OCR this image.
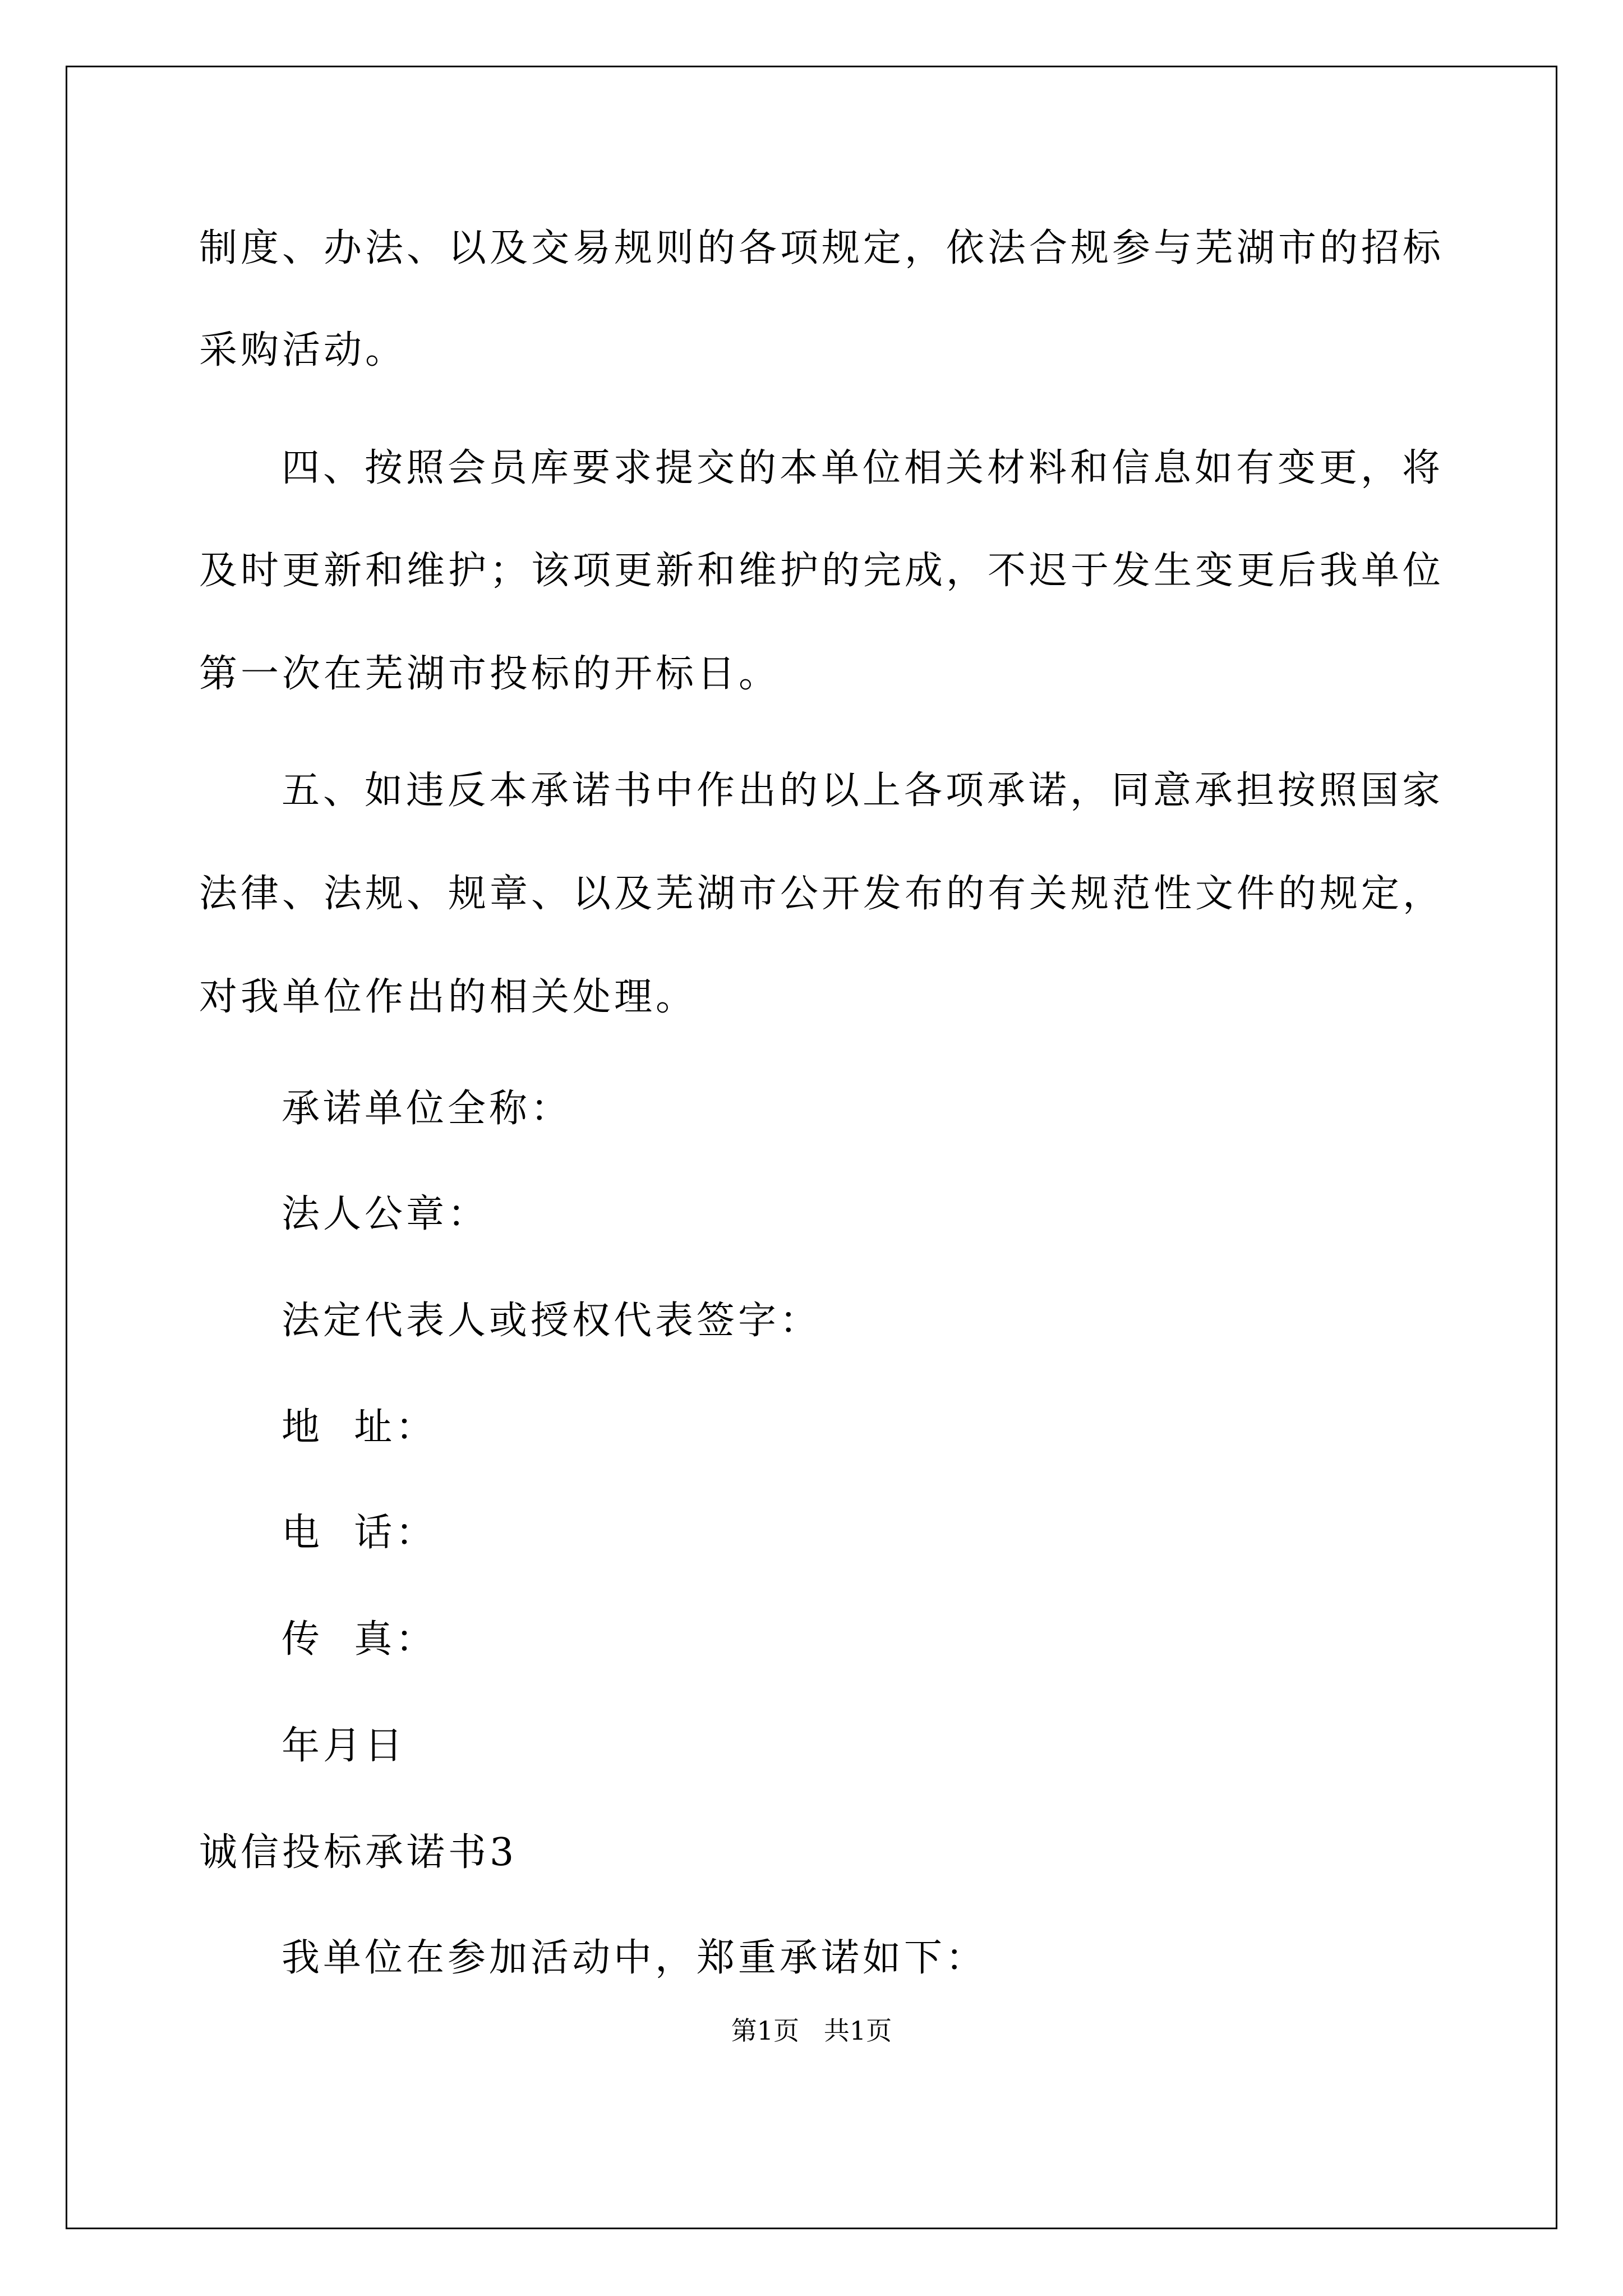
制度、办法、以及交易规则的各项规定，依法合规参与芜湖市的招标
采购活动。
四、按照会员库要求提交的本单位相关材料和信息如有变更，将
及时更新和维护；该项更新和维护的完成，不迟于发生变更后我单位
第一次在芜湖市投标的开标日。
五、如违反本承诺书中作出的以上各项承诺，同意承担按照国家
法律、法规、规章、以及芜湖市公开发布的有关规范性文件的规定，
对我单位作出的相关处理。
承诺单位全称：
法人公章：
法定代表人或授权代表签字：
地  址：
电  话：
传  真：
年月日
诚信投标承诺书3
我单位在参加活动中，郑重承诺如下：
第1页   共1页
